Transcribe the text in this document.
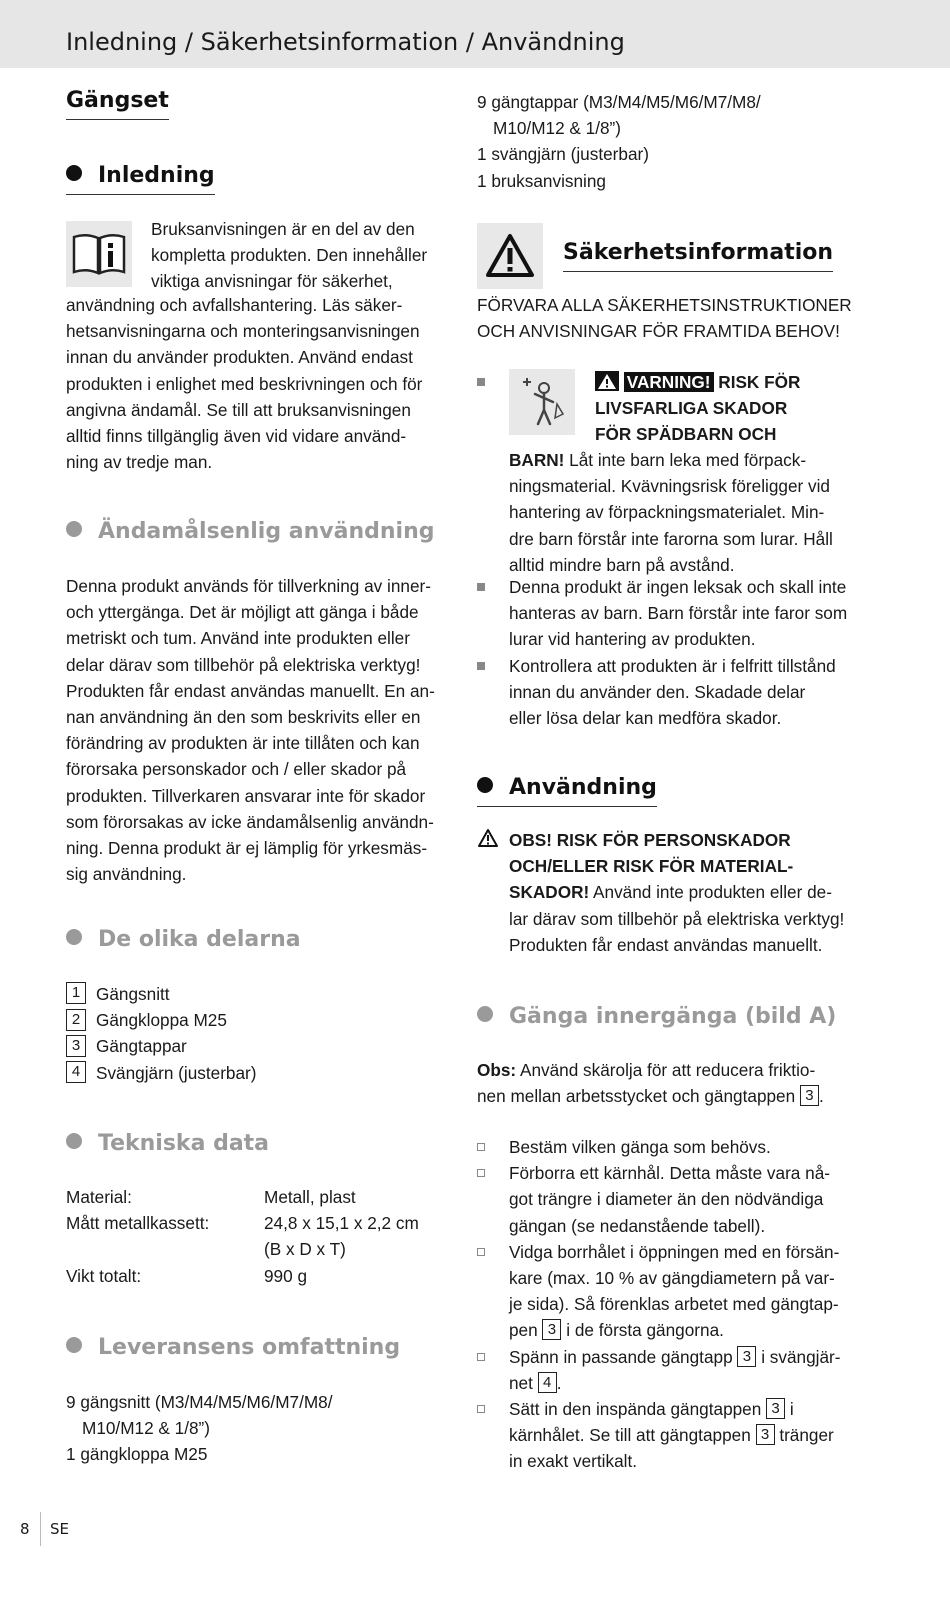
Inledning / Säkerhetsinformation / Användning
Gängset
Inledning
Bruksanvisningen är en del av den
kompletta produkten. Den innehåller
viktiga anvisningar för säkerhet,
användning och avfallshantering. Läs säker-
hetsanvisningarna och monteringsanvisningen
innan du använder produkten. Använd endast
produkten i enlighet med beskrivningen och för
angivna ändamål. Se till att bruksanvisningen
alltid finns tillgänglig även vid vidare använd-
ning av tredje man.
Ändamålsenlig användning
Denna produkt används för tillverkning av inner-
och yttergänga. Det är möjligt att gänga i både
metriskt och tum. Använd inte produkten eller
delar därav som tillbehör på elektriska verktyg!
Produkten får endast användas manuellt. En an-
nan användning än den som beskrivits eller en
förändring av produkten är inte tillåten och kan
förorsaka personskador och / eller skador på
produkten. Tillverkaren ansvarar inte för skador
som förorsakas av icke ändamålsenlig användn-
ning. Denna produkt är ej lämplig för yrkesmäs-
sig användning.
De olika delarna
1 Gängsnitt
2 Gängkloppa M25
3 Gängtappar
4 Svängjärn (justerbar)
Tekniska data
Material:	Metall, plast
Mått metallkassett:	24,8 x 15,1 x 2,2 cm
(B x D x T)
Vikt totalt:	990 g
Leveransens omfattning
9 gängsnitt (M3/M4/M5/M6/M7/M8/
M10/M12 & 1/8”)
1 gängkloppa M25
9 gängtappar (M3/M4/M5/M6/M7/M8/
M10/M12 & 1/8”)
1 svängjärn (justerbar)
1 bruksanvisning
Säkerhetsinformation
FÖRVARA ALLA SÄKERHETSINSTRUKTIONER
OCH ANVISNINGAR FÖR FRAMTIDA BEHOV!
VARNING! RISK FÖR
LIVSFARLIGA SKADOR
FÖR SPÄDBARN OCH
BARN! Låt inte barn leka med förpack-
ningsmaterial. Kvävningsrisk föreligger vid
hantering av förpackningsmaterialet. Min-
dre barn förstår inte farorna som lurar. Håll
alltid mindre barn på avstånd.
Denna produkt är ingen leksak och skall inte
hanteras av barn. Barn förstår inte faror som
lurar vid hantering av produkten.
Kontrollera att produkten är i felfritt tillstånd
innan du använder den. Skadade delar
eller lösa delar kan medföra skador.
Användning
OBS! RISK FÖR PERSONSKADOR
OCH/ELLER RISK FÖR MATERIAL-
SKADOR! Använd inte produkten eller de-
lar därav som tillbehör på elektriska verktyg!
Produkten får endast användas manuellt.
Gänga innergänga (bild A)
Obs: Använd skärolja för att reducera friktio-
nen mellan arbetsstycket och gängtappen 3 .
Bestäm vilken gänga som behövs.
Förborra ett kärnhål. Detta måste vara nå-
got trängre i diameter än den nödvändiga
gängan (se nedanstående tabell).
Vidga borrhålet i öppningen med en försän-
kare (max. 10 % av gängdiametern på var-
je sida). Så förenklas arbetet med gängtap-
pen 3 i de första gängorna.
Spänn in passande gängtapp 3 i svängjär-
net 4 .
Sätt in den inspända gängtappen 3 i
kärnhålet. Se till att gängtappen 3 tränger
in exakt vertikalt.
8 SE
